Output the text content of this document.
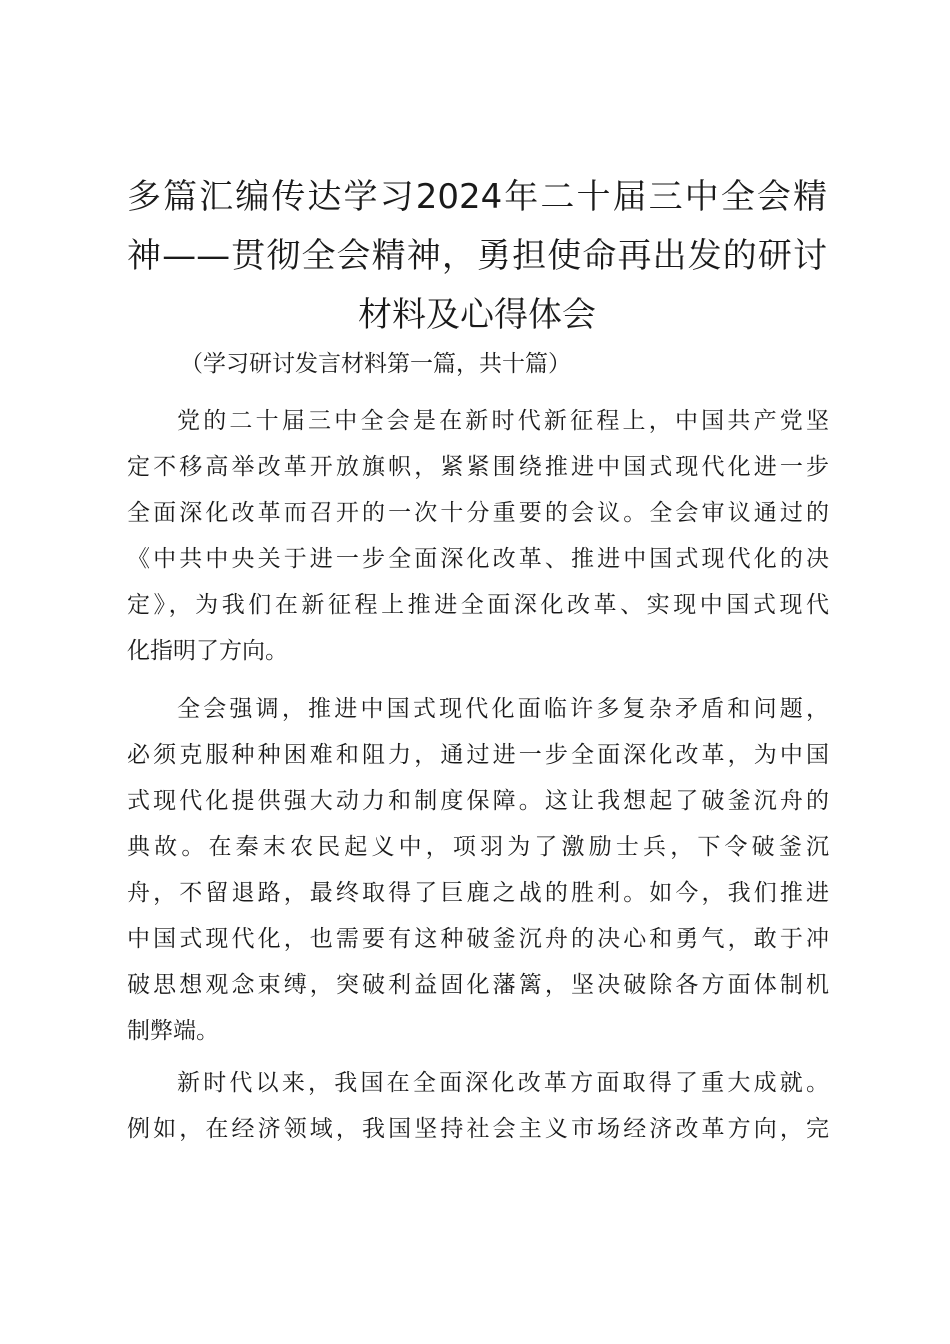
多篇汇编传达学习2024年二十届三中全会精
神——贯彻全会精神，勇担使命再出发的研讨
材料及心得体会
（学习研讨发言材料第一篇，共十篇）
党的二十届三中全会是在新时代新征程上，中国共产党坚
定不移高举改革开放旗帜，紧紧围绕推进中国式现代化进一步
全面深化改革而召开的一次十分重要的会议。全会审议通过的
《中共中央关于进一步全面深化改革、推进中国式现代化的决
定》，为我们在新征程上推进全面深化改革、实现中国式现代
化指明了方向。
全会强调，推进中国式现代化面临许多复杂矛盾和问题，
必须克服种种困难和阻力，通过进一步全面深化改革，为中国
式现代化提供强大动力和制度保障。这让我想起了破釜沉舟的
典故。在秦末农民起义中，项羽为了激励士兵，下令破釜沉
舟，不留退路，最终取得了巨鹿之战的胜利。如今，我们推进
中国式现代化，也需要有这种破釜沉舟的决心和勇气，敢于冲
破思想观念束缚，突破利益固化藩篱，坚决破除各方面体制机
制弊端。
新时代以来，我国在全面深化改革方面取得了重大成就。
例如，在经济领域，我国坚持社会主义市场经济改革方向，完
